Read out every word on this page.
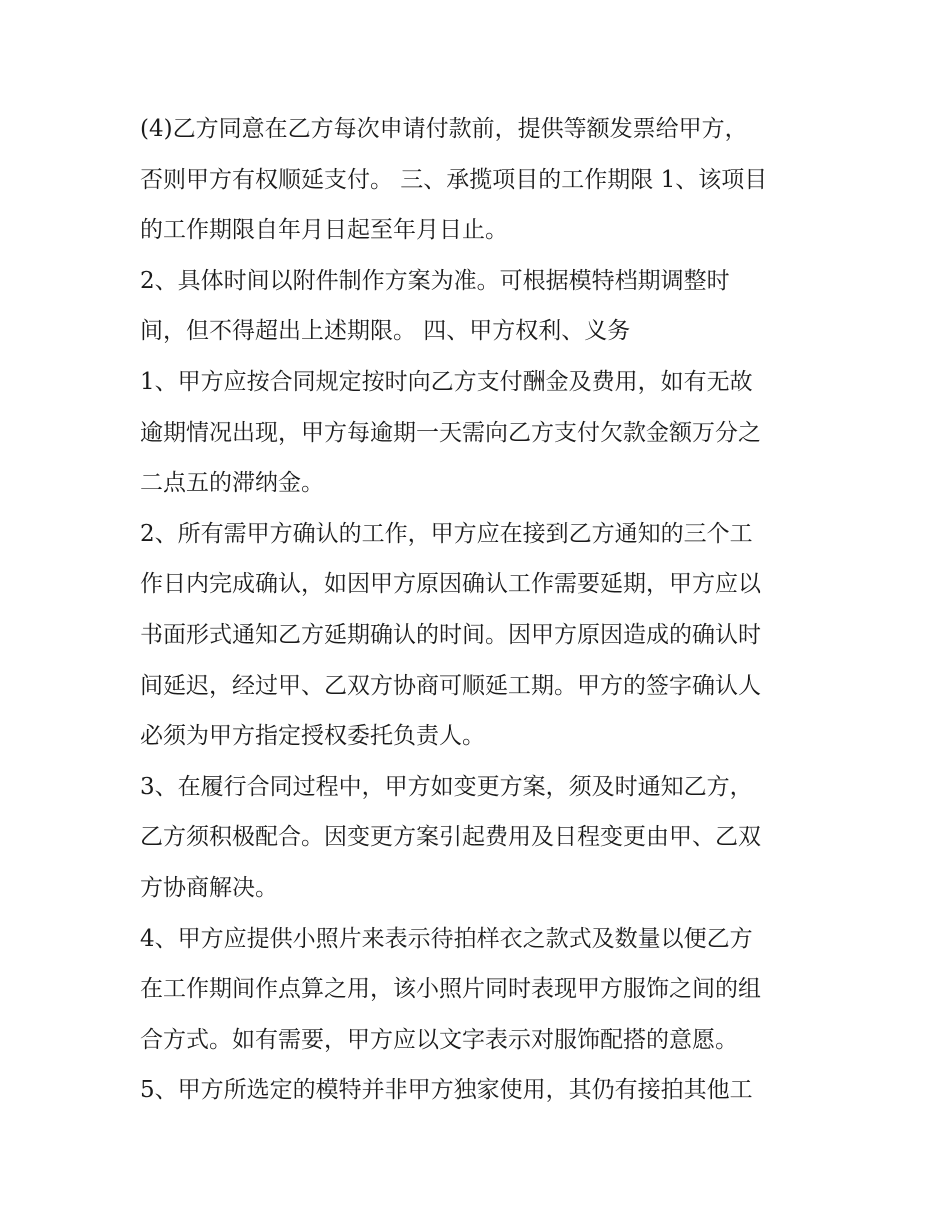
(4)乙方同意在乙方每次申请付款前，提供等额发票给甲方，
否则甲方有权顺延支付。 三、承揽项目的工作期限 1、该项目
的工作期限自年月日起至年月日止。
2、具体时间以附件制作方案为准。可根据模特档期调整时
间，但不得超出上述期限。 四、甲方权利、义务
1、甲方应按合同规定按时向乙方支付酬金及费用，如有无故
逾期情况出现，甲方每逾期一天需向乙方支付欠款金额万分之
二点五的滞纳金。
2、所有需甲方确认的工作，甲方应在接到乙方通知的三个工
作日内完成确认，如因甲方原因确认工作需要延期，甲方应以
书面形式通知乙方延期确认的时间。因甲方原因造成的确认时
间延迟，经过甲、乙双方协商可顺延工期。甲方的签字确认人
必须为甲方指定授权委托负责人。
3、在履行合同过程中，甲方如变更方案，须及时通知乙方，
乙方须积极配合。因变更方案引起费用及日程变更由甲、乙双
方协商解决。
4、甲方应提供小照片来表示待拍样衣之款式及数量以便乙方
在工作期间作点算之用，该小照片同时表现甲方服饰之间的组
合方式。如有需要，甲方应以文字表示对服饰配搭的意愿。
5、甲方所选定的模特并非甲方独家使用，其仍有接拍其他工
